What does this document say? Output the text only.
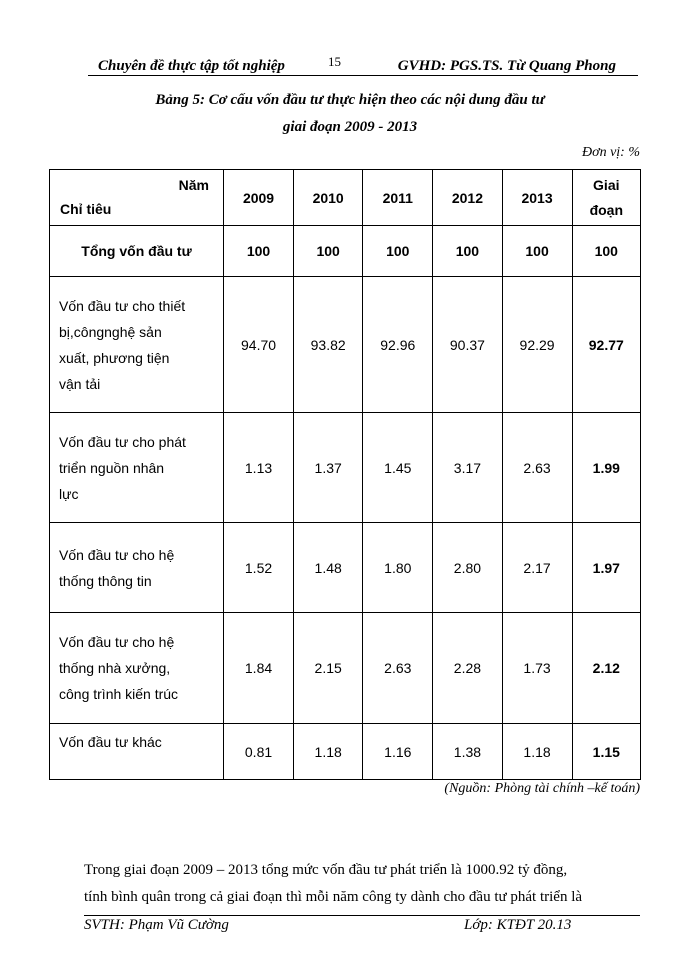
Chuyên đề thực tập tốt nghiệp	15	GVHD: PGS.TS. Từ Quang Phong
Bảng 5: Cơ cấu vốn đầu tư thực hiện theo các nội dung đầu tư
giai đoạn 2009 - 2013
Đơn vị: %
Năm
Chỉ tiêu	2009	2010	2011	2012	2013	Giai
đoạn
Tổng vốn đầu tư	100	100	100	100	100	100
Vốn đầu tư cho thiết
bị,côngnghệ sản
xuất, phương tiện
vận tải	94.70	93.82	92.96	90.37	92.29	92.77
Vốn đầu tư cho phát
triển nguồn nhân
lực	1.13	1.37	1.45	3.17	2.63	1.99
Vốn đầu tư cho hệ
thống thông tin	1.52	1.48	1.80	2.80	2.17	1.97
Vốn đầu tư cho hệ
thống nhà xưởng,
công trình kiến trúc	1.84	2.15	2.63	2.28	1.73	2.12
Vốn đầu tư khác	0.81	1.18	1.16	1.38	1.18	1.15
(Nguồn: Phòng tài chính –kế toán)
Trong giai đoạn 2009 – 2013 tổng mức vốn đầu tư phát triển là 1000.92 tỷ đồng,
tính bình quân trong cả giai đoạn thì mỗi năm công ty dành cho đầu tư phát triển là
SVTH: Phạm Vũ Cường	Lớp: KTĐT 20.13
